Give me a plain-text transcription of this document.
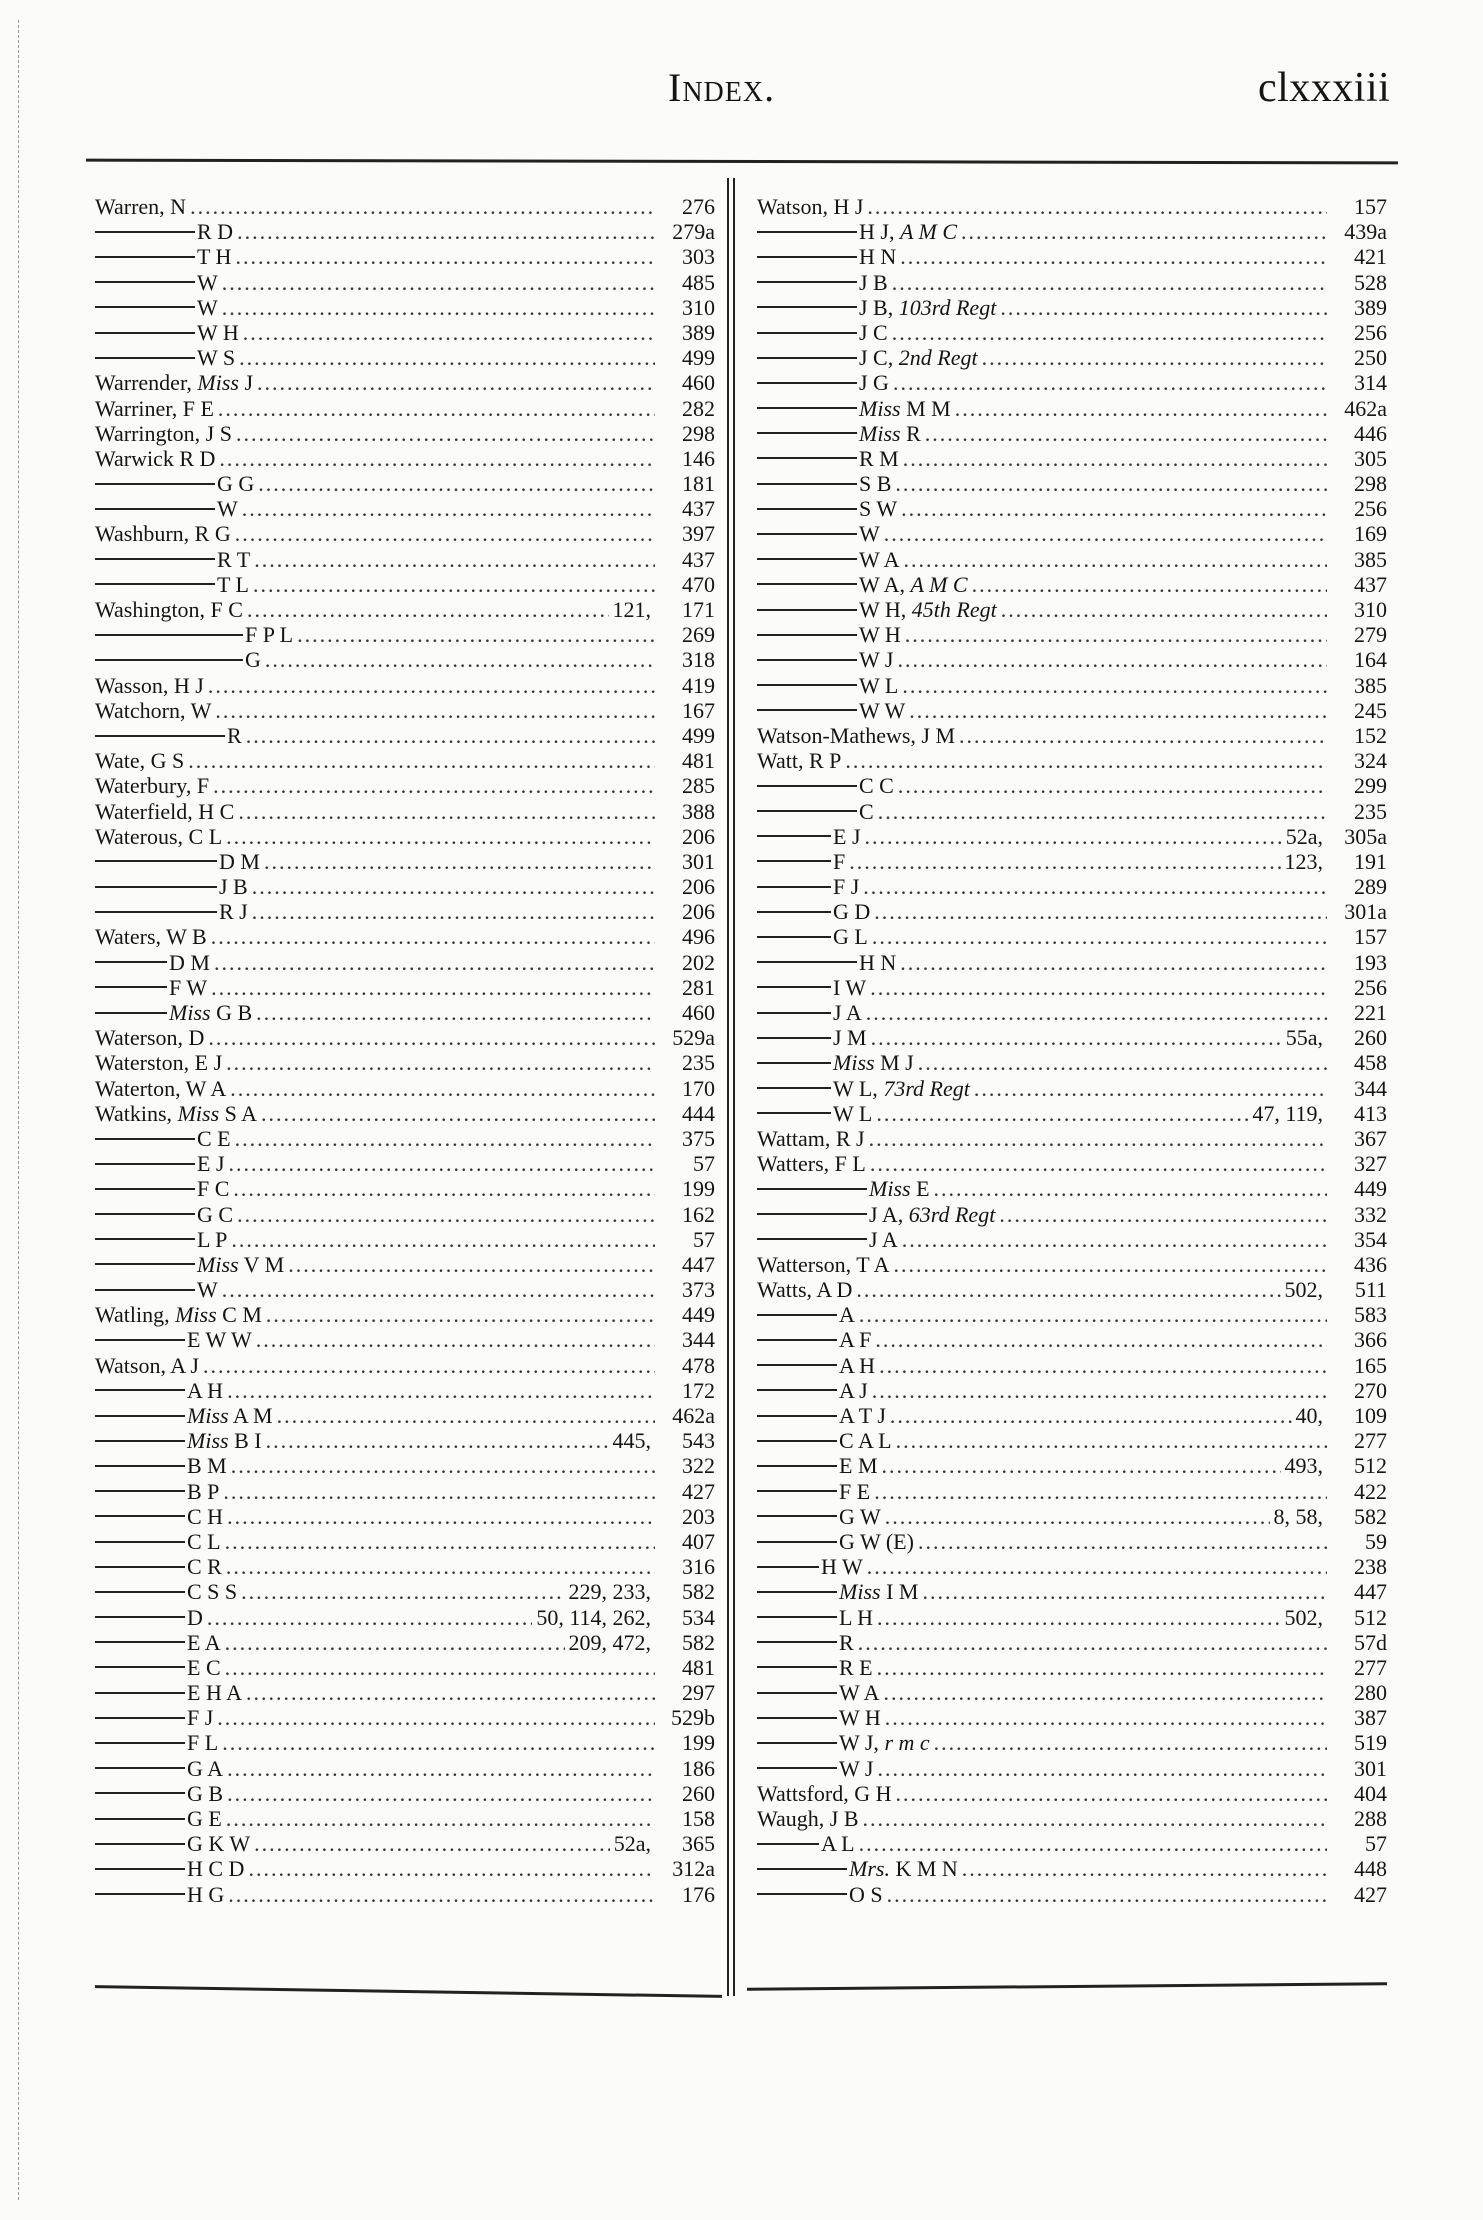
Index.	clxxxiii
Warren, N .....	276
R D .....	279a
T H .....	303
W .....	485
W .....	310
W H .....	389
W S .....	499
Warrender, Miss J .....	460
Warriner, F E .....	282
Warrington, J S .....	298
Warwick R D .....	146
G G .....	181
W .....	437
Washburn, R G .....	397
R T .....	437
T L .....	470
Washington, F C .....	121,	171
F P L .....	269
G .....	318
Wasson, H J .....	419
Watchorn, W .....	167
R .....	499
Wate, G S .....	481
Waterbury, F .....	285
Waterfield, H C .....	388
Waterous, C L .....	206
D M .....	301
J B .....	206
R J .....	206
Waters, W B .....	496
D M .....	202
F W .....	281
Miss G B .....	460
Waterson, D .....	529a
Waterston, E J .....	235
Waterton, W A .....	170
Watkins, Miss S A .....	444
C E .....	375
E J .....	57
F C .....	199
G C .....	162
L P .....	57
Miss V M .....	447
W .....	373
Watling, Miss C M .....	449
E W W .....	344
Watson, A J .....	478
A H .....	172
Miss A M .....	462a
Miss B I .....	445,	543
B M .....	322
B P .....	427
C H .....	203
C L .....	407
C R .....	316
C S S .....	229, 233,	582
D .....	50, 114, 262,	534
E A .....	209, 472,	582
E C .....	481
E H A .....	297
F J .....	529b
F L .....	199
G A .....	186
G B .....	260
G E .....	158
G K W .....	52a,	365
H C D .....	312a
H G .....	176
Watson, H J .....	157
H J, A M C .....	439a
H N .....	421
J B .....	528
J B, 103rd Regt .....	389
J C .....	256
J C, 2nd Regt .....	250
J G .....	314
Miss M M .....	462a
Miss R .....	446
R M .....	305
S B .....	298
S W .....	256
W .....	169
W A .....	385
W A, A M C .....	437
W H, 45th Regt .....	310
W H .....	279
W J .....	164
W L .....	385
W W .....	245
Watson-Mathews, J M .....	152
Watt, R P .....	324
C C .....	299
C .....	235
E J .....	52a, 305a
F .....	123,	191
F J .....	289
G D .....	301a
G L .....	157
H N .....	193
I W .....	256
J A .....	221
J M .....	55a,	260
Miss M J .....	458
W L, 73rd Regt .....	344
W L .....	47, 119,	413
Wattam, R J .....	367
Watters, F L .....	327
Miss E .....	449
J A, 63rd Regt .....	332
J A .....	354
Watterson, T A .....	436
Watts, A D .....	502,	511
A .....	583
A F .....	366
A H .....	165
A J .....	270
A T J .....	40,	109
C A L .....	277
E M .....	493,	512
F E .....	422
G W .....	8, 58,	582
G W (E) .....	59
H W .....	238
Miss I M .....	447
L H .....	502,	512
R .....	57d
R E .....	277
W A .....	280
W H .....	387
W J, r m c .....	519
W J .....	301
Wattsford, G H .....	404
Waugh, J B .....	288
A L .....	57
Mrs. K M N .....	448
O S .....	427
